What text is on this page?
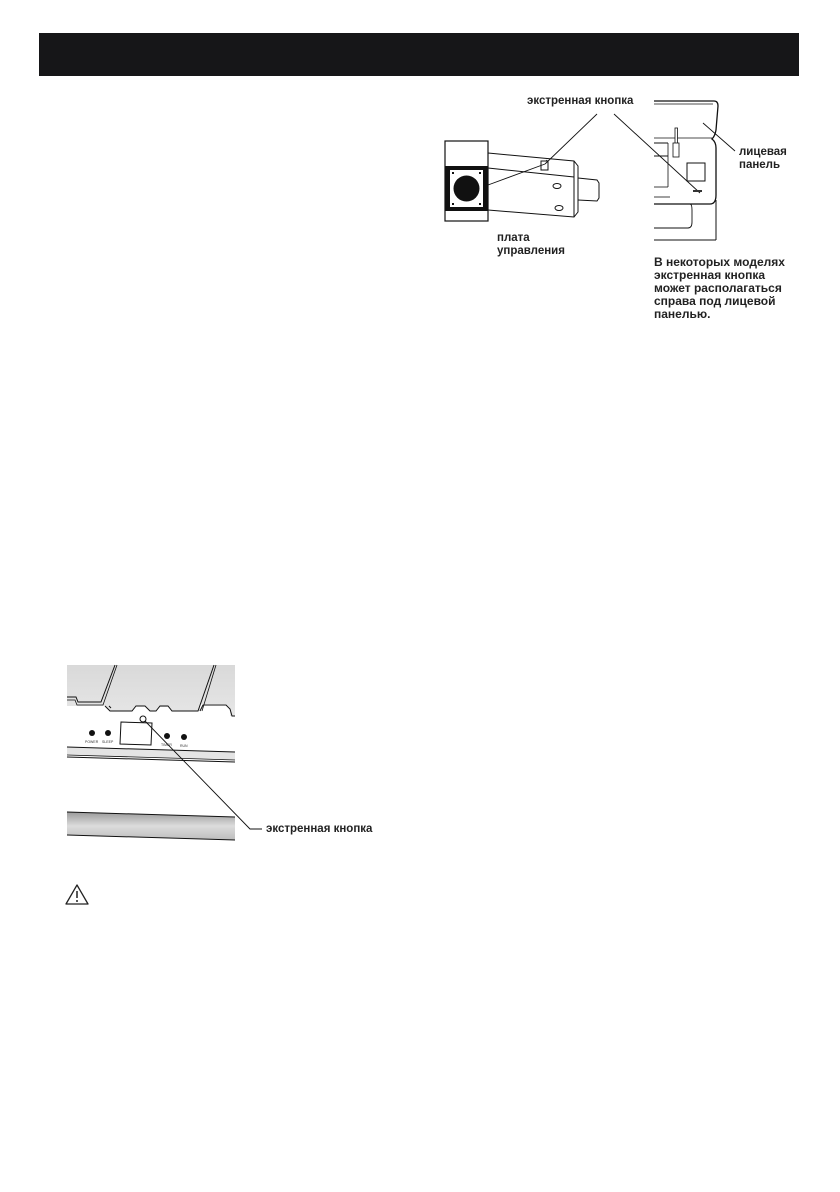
экстренная кнопка
плата
управления
лицевая
панель
В некоторых моделях
экстренная кнопка
может располагаться
справа под лицевой
панелью.
POWER SLEEP
TIMER RUN
экстренная кнопка
